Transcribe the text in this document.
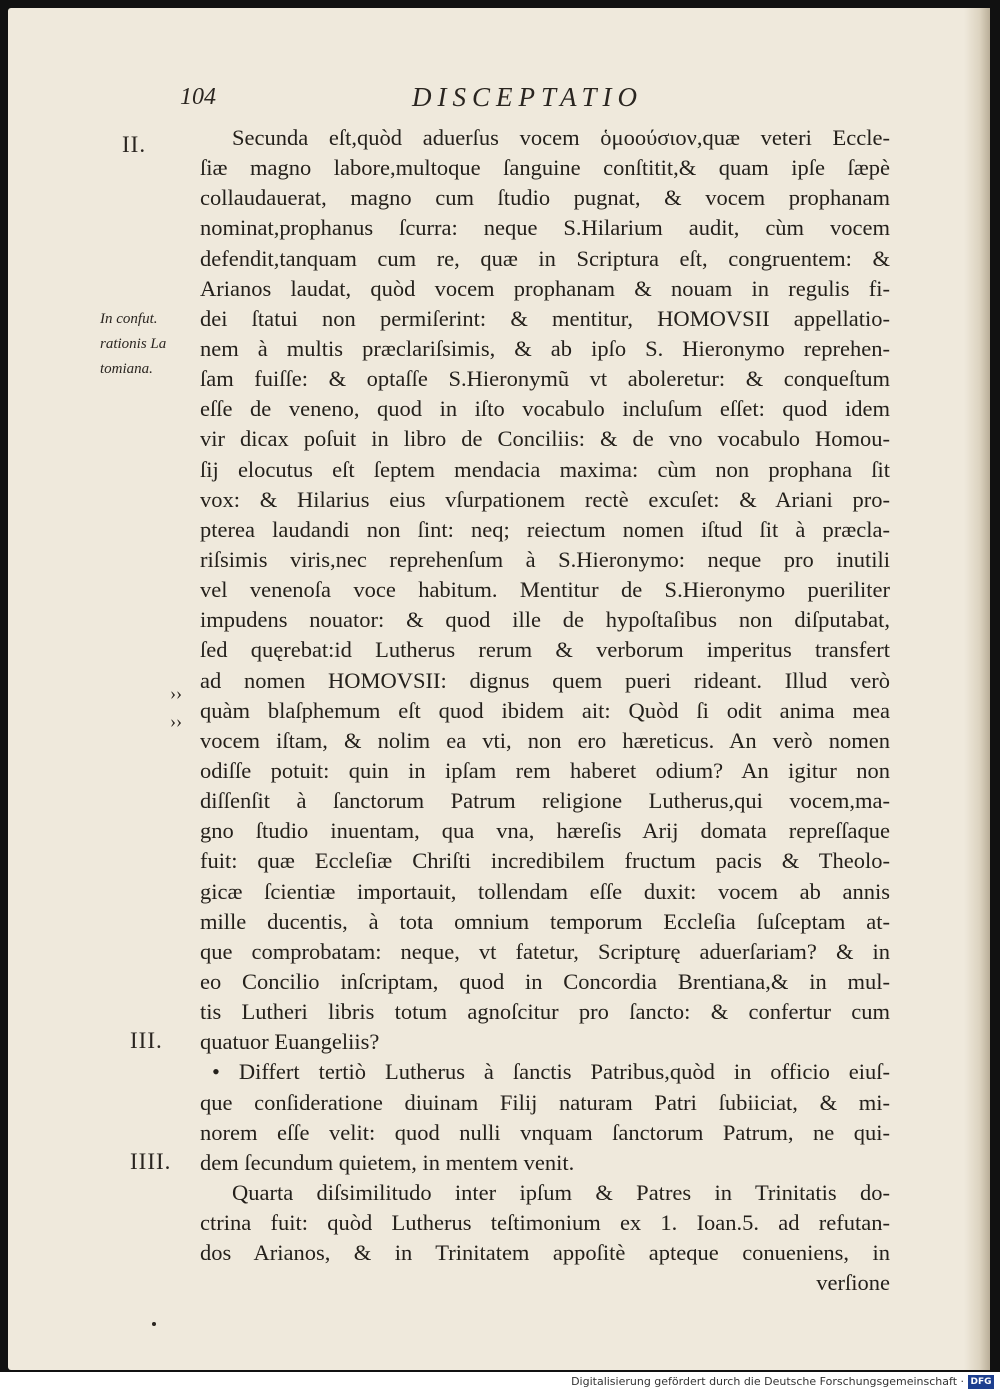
104	DISCEPTATIO
II.
III.
IIII.
In confut.
rationis La
tomiana.
››
››
Secunda eſt,quòd aduerſus vocem ὁμοούσιον,quæ veteri Eccle-
ſiæ magno labore,multoque ſanguine conſtitit,& quam ipſe ſæpè
collaudauerat, magno cum ſtudio pugnat, & vocem prophanam
nominat,prophanus ſcurra: neque S.Hilarium audit, cùm vocem
defendit,tanquam cum re, quæ in Scriptura eſt, congruentem: &
Arianos laudat, quòd vocem prophanam & nouam in regulis fi-
dei ſtatui non permiſerint: & mentitur, HOMOVSII appellatio-
nem à multis præclariſsimis, & ab ipſo S. Hieronymo reprehen-
ſam fuiſſe: & optaſſe S.Hieronymũ vt aboleretur: & conqueſtum
eſſe de veneno, quod in iſto vocabulo incluſum eſſet: quod idem
vir dicax poſuit in libro de Conciliis: & de vno vocabulo Homou-
ſij elocutus eſt ſeptem mendacia maxima: cùm non prophana ſit
vox: & Hilarius eius vſurpationem rectè excuſet: & Ariani pro-
pterea laudandi non ſint: neq; reiectum nomen iſtud ſit à præcla-
riſsimis viris,nec reprehenſum à S.Hieronymo: neque pro inutili
vel venenoſa voce habitum. Mentitur de S.Hieronymo pueriliter
impudens nouator: & quod ille de hypoſtaſibus non diſputabat,
ſed quęrebat:id Lutherus rerum & verborum imperitus transfert
ad nomen HOMOVSII: dignus quem pueri rideant. Illud verò
quàm blaſphemum eſt quod ibidem ait: Quòd ſi odit anima mea
vocem iſtam, & nolim ea vti, non ero hæreticus. An verò nomen
odiſſe potuit: quin in ipſam rem haberet odium? An igitur non
diſſenſit à ſanctorum Patrum religione Lutherus,qui vocem,ma-
gno ſtudio inuentam, qua vna, hæreſis Arij domata repreſſaque
fuit: quæ Eccleſiæ Chriſti incredibilem fructum pacis & Theolo-
gicæ ſcientiæ importauit, tollendam eſſe duxit: vocem ab annis
mille ducentis, à tota omnium temporum Eccleſia ſuſceptam at-
que comprobatam: neque, vt fatetur, Scripturę aduerſariam? & in
eo Concilio inſcriptam, quod in Concordia Brentiana,& in mul-
tis Lutheri libris totum agnoſcitur pro ſancto: & confertur cum
quatuor Euangeliis?
• Differt tertiò Lutherus à ſanctis Patribus,quòd in officio eiuſ-
que conſideratione diuinam Filij naturam Patri ſubiiciat, & mi-
norem eſſe velit: quod nulli vnquam ſanctorum Patrum, ne qui-
dem ſecundum quietem, in mentem venit.
Quarta diſsimilitudo inter ipſum & Patres in Trinitatis do-
ctrina fuit: quòd Lutherus teſtimonium ex 1. Ioan.5. ad refutan-
dos Arianos, & in Trinitatem appoſitè apteque conueniens, in
verſione
Digitalisierung gefördert durch die Deutsche Forschungsgemeinschaft · DFG
